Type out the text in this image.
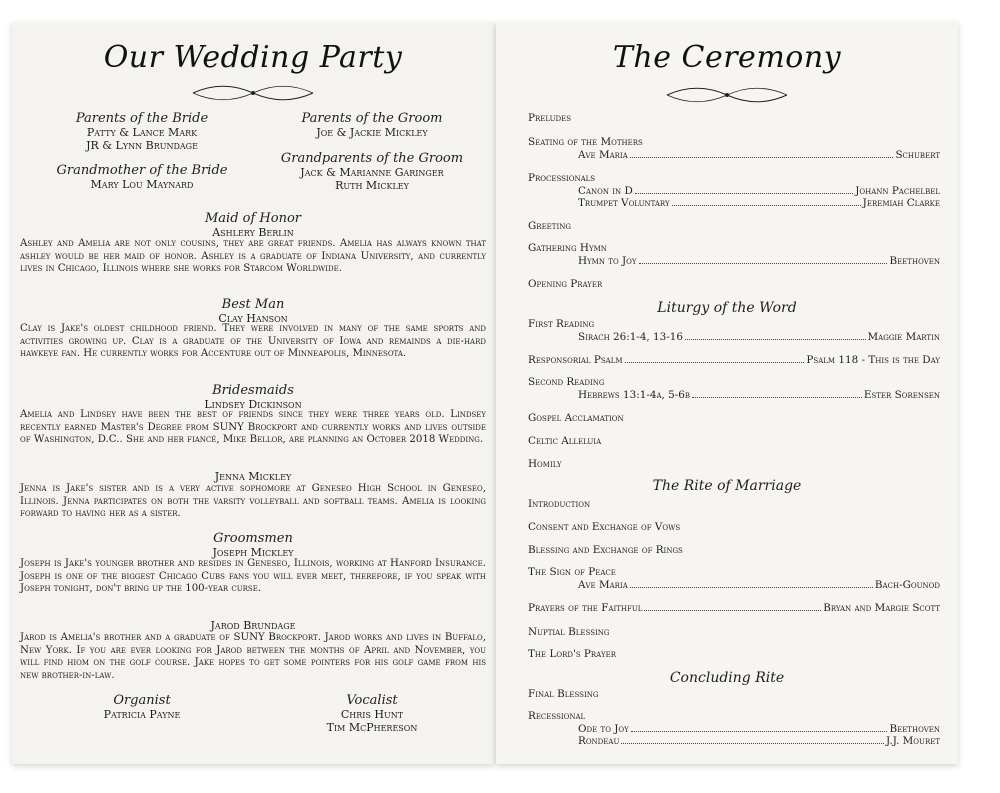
Our Wedding Party
Parents of the Bride
Patty & Lance Mark
JR & Lynn Brundage
Parents of the Groom
Joe & Jackie Mickley
Grandmother of the Bride
Mary Lou Maynard
Grandparents of the Groom
Jack & Marianne Garinger
Ruth Mickley
Maid of Honor
Ashlery Berlin
Ashley and Amelia are not only cousins, they are great friends. Amelia has always known that ashley would be her maid of honor. Ashley is a graduate of Indiana University, and currently lives in Chicago, Illinois where she works for Starcom Worldwide.
Best Man
Clay Hanson
Clay is Jake's oldest childhood friend. They were involved in many of the same sports and activities growing up. Clay is a graduate of the University of Iowa and remainds a die-hard hawkeye fan. He currently works for Accenture out of Minneapolis, Minnesota.
Bridesmaids
Lindsey Dickinson
Amelia and Lindsey have been the best of friends since they were three years old. Lindsey recently earned Master's Degree from SUNY Brockport and currently works and lives outside of Washington, D.C.. She and her fiancé, Mike Bellor, are planning an October 2018 Wedding.
Jenna Mickley
Jenna is Jake's sister and is a very active sophomore at Geneseo High School in Geneseo, Illinois. Jenna participates on both the varsity volleyball and softball teams. Amelia is looking forward to having her as a sister.
Groomsmen
Joseph Mickley
Joseph is Jake's younger brother and resides in Geneseo, Illinois, working at Hanford Insurance. Joseph is one of the biggest Chicago Cubs fans you will ever meet, therefore, if you speak with Joseph tonight, don't bring up the 100-year curse.
Jarod Brundage
Jarod is Amelia's brother and a graduate of SUNY Brockport. Jarod works and lives in Buffalo, New York. If you are ever looking for Jarod between the months of April and November, you will find hiom on the golf course. Jake hopes to get some pointers for his golf game from his new brother-in-law.
Organist
Patricia Payne
Vocalist
Chris Hunt
Tim McPhereson
The Ceremony
Preludes
Seating of the Mothers
Ave Maria	Schubert
Processionals
Canon in D	Johann Pachelbel
Trumpet Voluntary	Jeremiah Clarke
Greeting
Gathering Hymn
Hymn to Joy	Beethoven
Opening Prayer
Liturgy of the Word
First Reading
Sirach 26:1-4, 13-16	Maggie Martin
Responsorial Psalm	Psalm 118 - This is the Day
Second Reading
Hebrews 13:1-4a, 5-6b	Ester Sorensen
Gospel Acclamation
Celtic Alleluia
Homily
The Rite of Marriage
Introduction
Consent and Exchange of Vows
Blessing and Exchange of Rings
The Sign of Peace
Ave Maria	Bach-Gounod
Prayers of the Faithful	Bryan and Margie Scott
Nuptial Blessing
The Lord's Prayer
Concluding Rite
Final Blessing
Recessional
Ode to Joy	Beethoven
Rondeau	J.J. Mouret
